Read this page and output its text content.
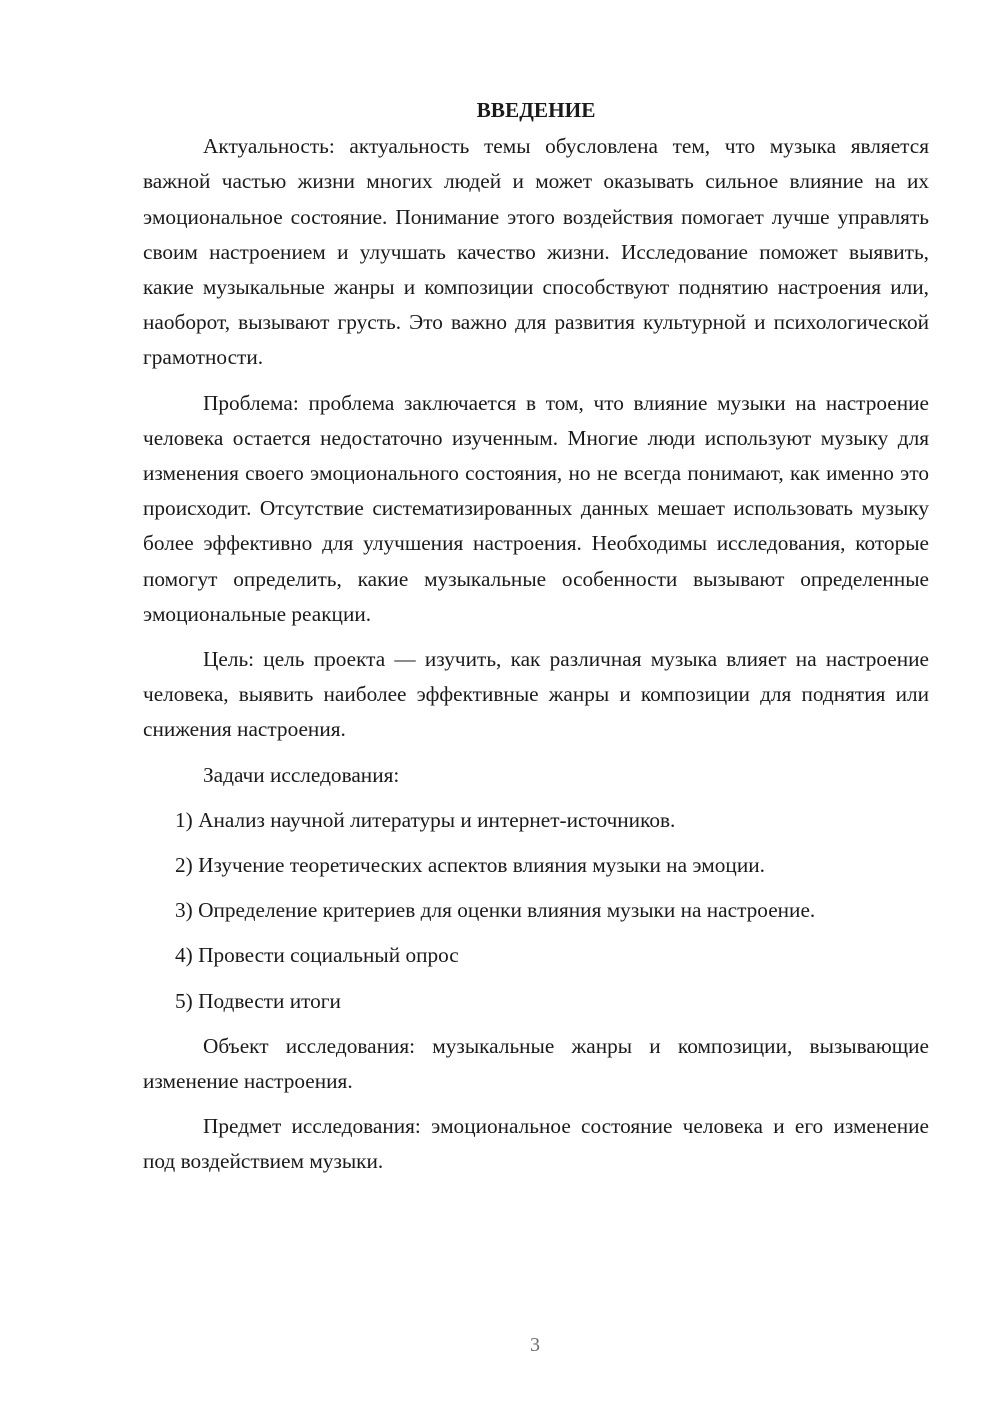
ВВЕДЕНИЕ

Актуальность: актуальность темы обусловлена тем, что музыка является важной частью жизни многих людей и может оказывать сильное влияние на их эмоциональное состояние. Понимание этого воздействия помогает лучше управлять своим настроением и улучшать качество жизни. Исследование поможет выявить, какие музыкальные жанры и композиции способствуют поднятию настроения или, наоборот, вызывают грусть. Это важно для развития культурной и психологической грамотности.

Проблема: проблема заключается в том, что влияние музыки на настроение человека остается недостаточно изученным. Многие люди используют музыку для изменения своего эмоционального состояния, но не всегда понимают, как именно это происходит. Отсутствие систематизированных данных мешает использовать музыку более эффективно для улучшения настроения. Необходимы исследования, которые помогут определить, какие музыкальные особенности вызывают определенные эмоциональные реакции.

Цель: цель проекта — изучить, как различная музыка влияет на настроение человека, выявить наиболее эффективные жанры и композиции для поднятия или снижения настроения.

Задачи исследования:

1) Анализ научной литературы и интернет-источников.

2) Изучение теоретических аспектов влияния музыки на эмоции.

3) Определение критериев для оценки влияния музыки на настроение.

4) Провести социальный опрос

5) Подвести итоги

Объект исследования: музыкальные жанры и композиции, вызывающие изменение настроения.

Предмет исследования: эмоциональное состояние человека и его изменение под воздействием музыки.

3
